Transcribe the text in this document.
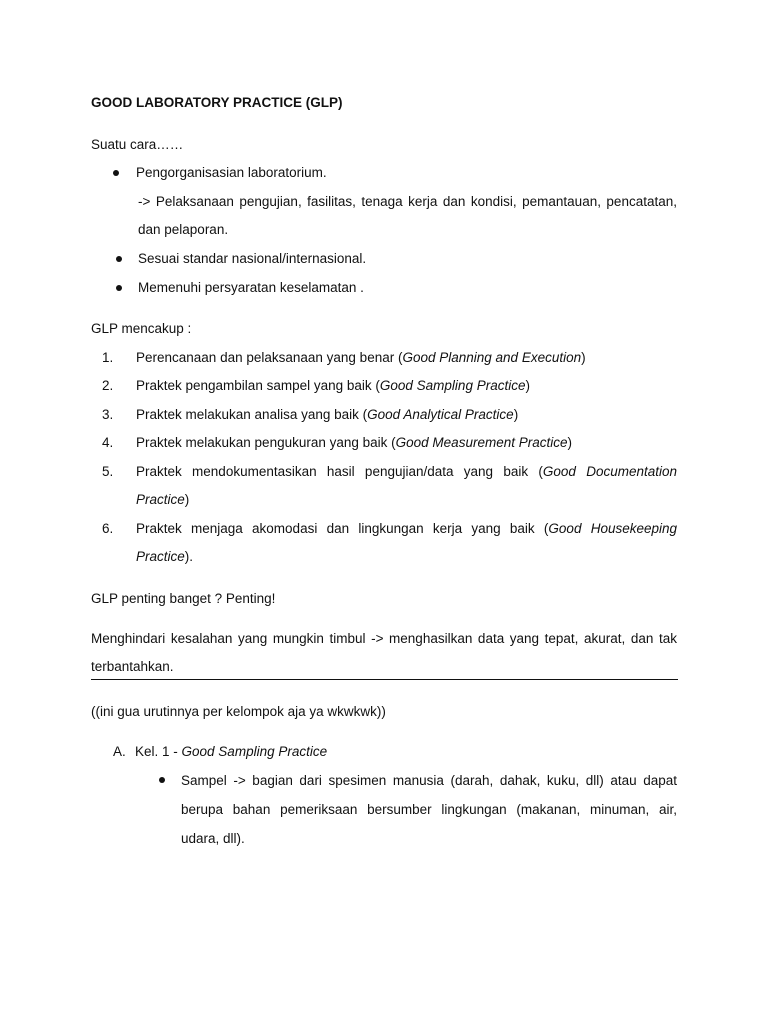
GOOD LABORATORY PRACTICE (GLP)
Suatu cara……
Pengorganisasian laboratorium.
-> Pelaksanaan pengujian, fasilitas, tenaga kerja dan kondisi, pemantauan, pencatatan,
dan pelaporan.
Sesuai standar nasional/internasional.
Memenuhi persyaratan keselamatan .
GLP mencakup :
1. Perencanaan dan pelaksanaan yang benar (Good Planning and Execution)
2. Praktek pengambilan sampel yang baik (Good Sampling Practice)
3. Praktek melakukan analisa yang baik (Good Analytical Practice)
4. Praktek melakukan pengukuran yang baik (Good Measurement Practice)
5. Praktek mendokumentasikan hasil pengujian/data yang baik (Good Documentation
Practice)
6. Praktek menjaga akomodasi dan lingkungan kerja yang baik (Good Housekeeping
Practice).
GLP penting banget ? Penting!
Menghindari kesalahan yang mungkin timbul -> menghasilkan data yang tepat, akurat, dan tak
terbantahkan.
((ini gua urutinnya per kelompok aja ya wkwkwk))
A. Kel. 1 - Good Sampling Practice
Sampel -> bagian dari spesimen manusia (darah, dahak, kuku, dll) atau dapat
berupa bahan pemeriksaan bersumber lingkungan (makanan, minuman, air,
udara, dll).
